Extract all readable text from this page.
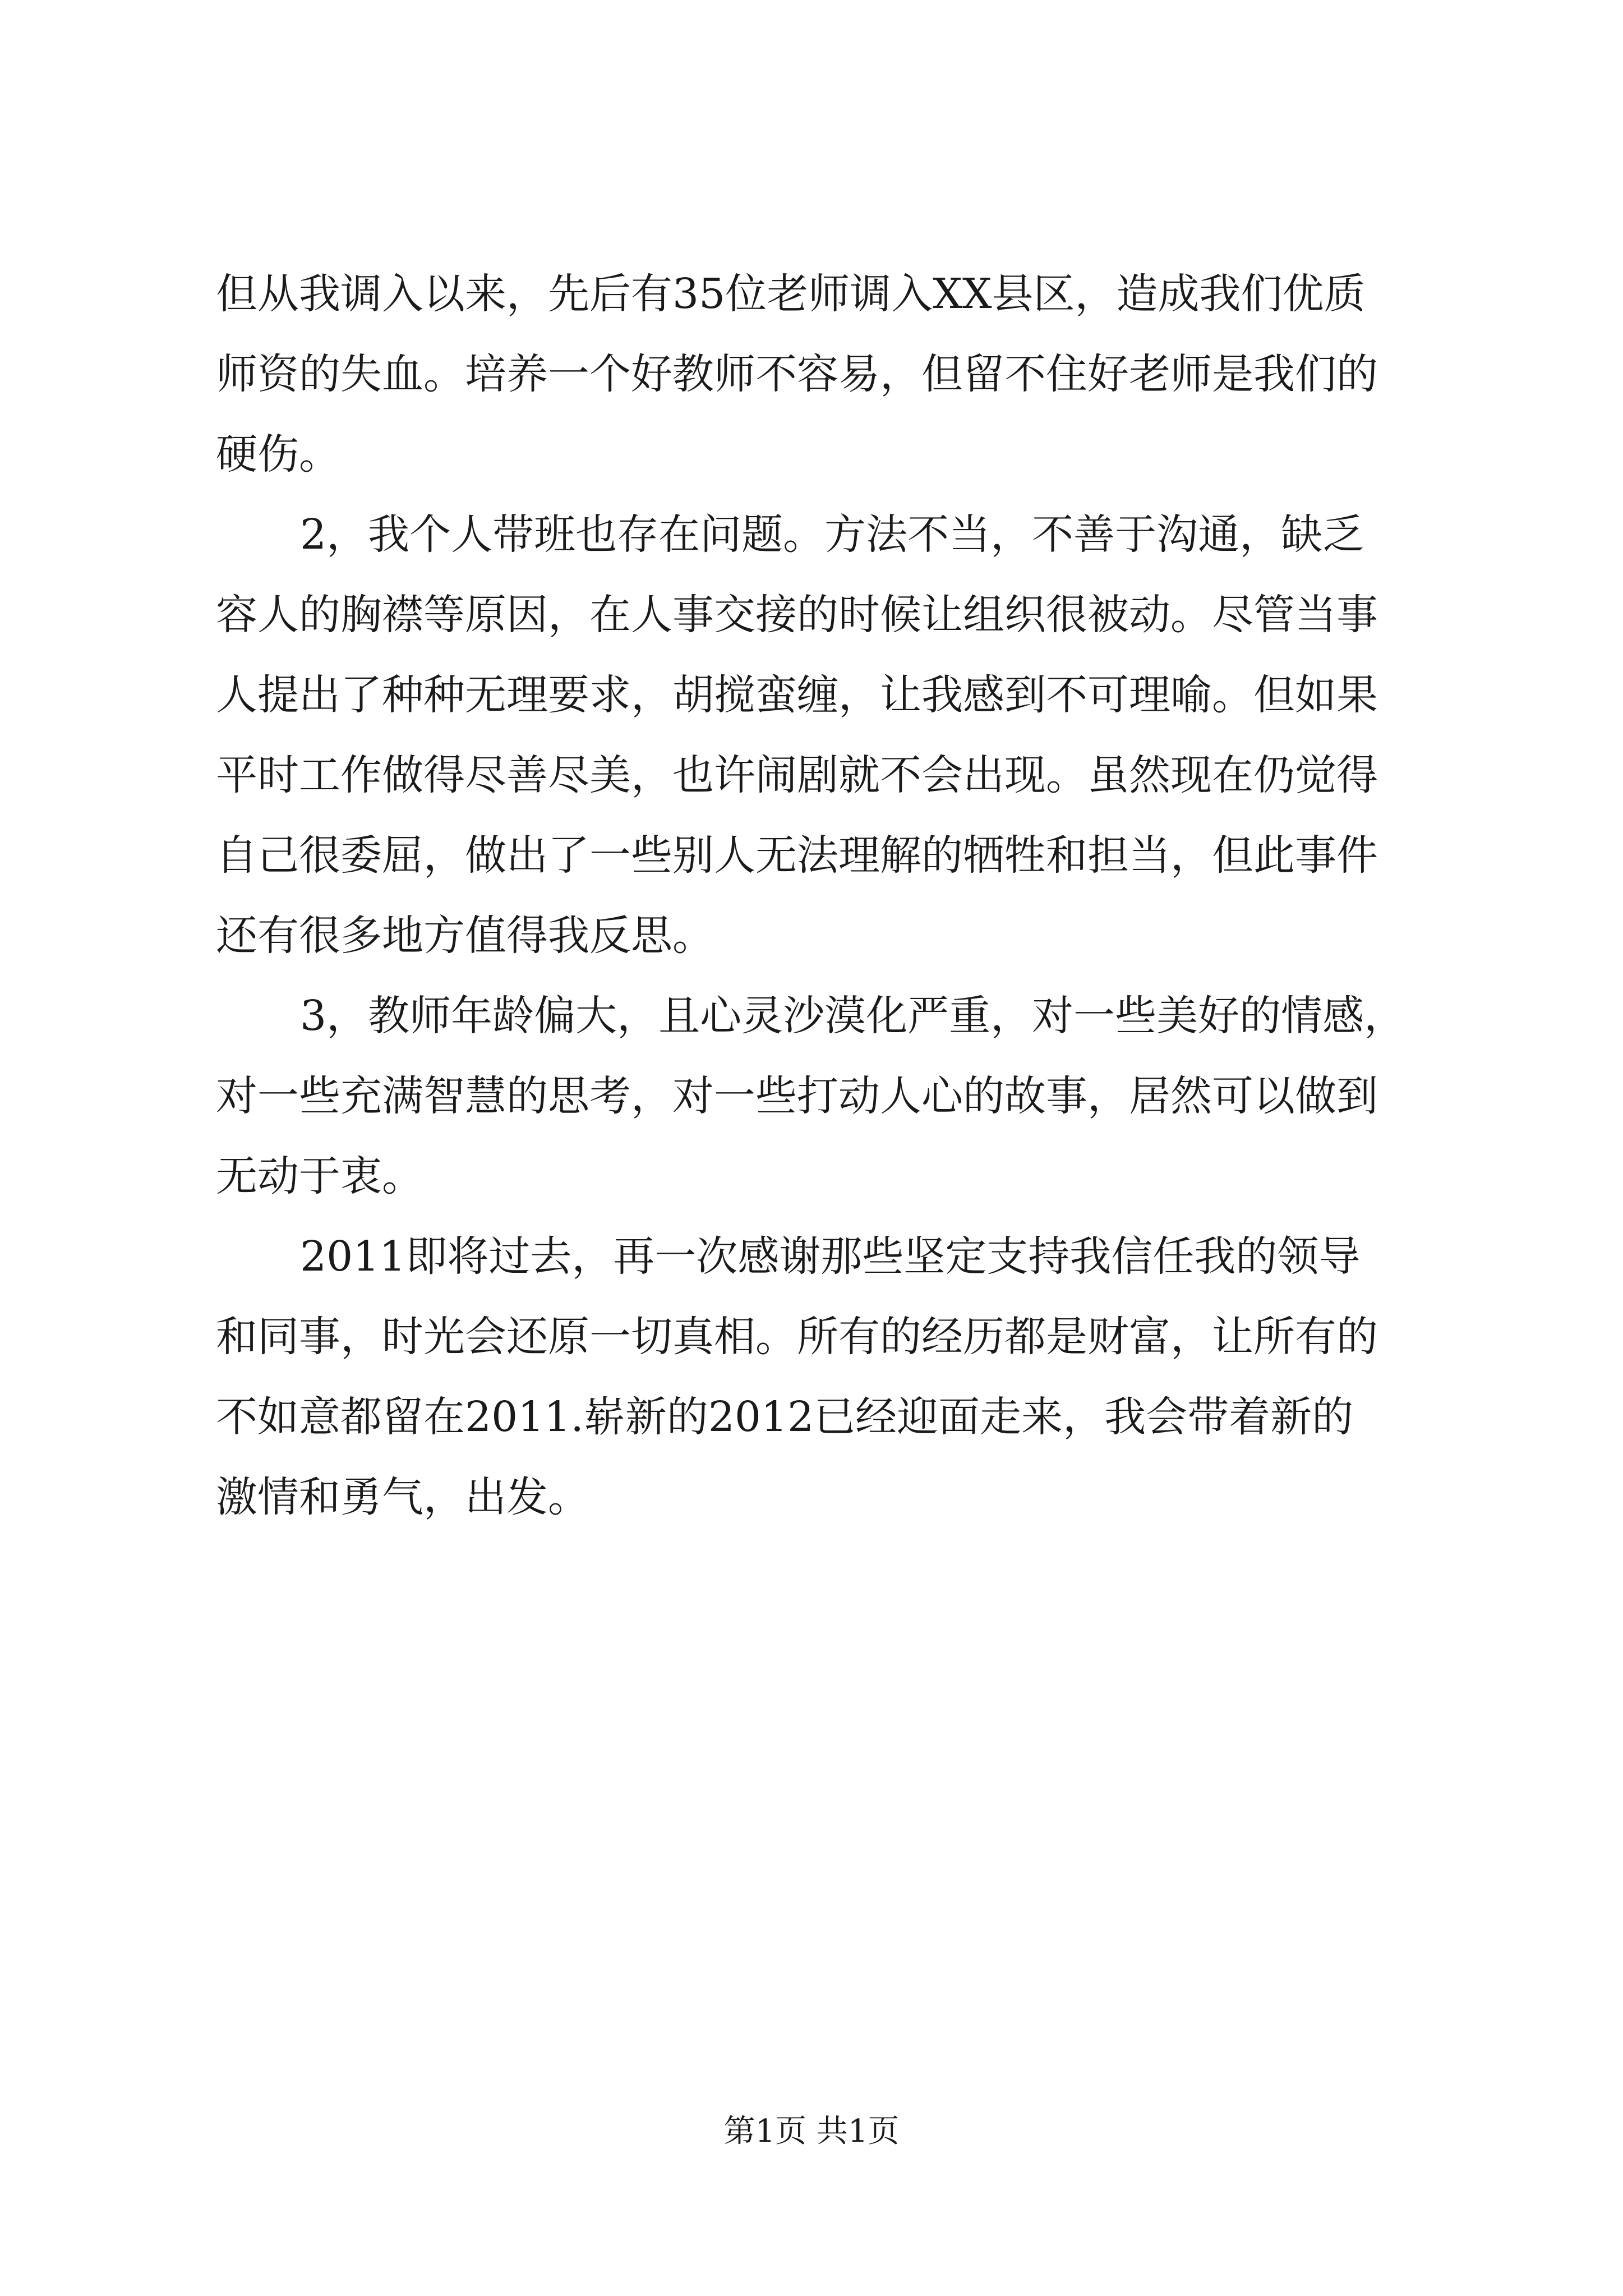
但从我调入以来，先后有35位老师调入XX县区，造成我们优质
师资的失血。培养一个好教师不容易，但留不住好老师是我们的
硬伤。
2，我个人带班也存在问题。方法不当，不善于沟通，缺乏
容人的胸襟等原因，在人事交接的时候让组织很被动。尽管当事
人提出了种种无理要求，胡搅蛮缠，让我感到不可理喻。但如果
平时工作做得尽善尽美，也许闹剧就不会出现。虽然现在仍觉得
自己很委屈，做出了一些别人无法理解的牺牲和担当，但此事件
还有很多地方值得我反思。
3，教师年龄偏大，且心灵沙漠化严重，对一些美好的情感，
对一些充满智慧的思考，对一些打动人心的故事，居然可以做到
无动于衷。
2011即将过去，再一次感谢那些坚定支持我信任我的领导
和同事，时光会还原一切真相。所有的经历都是财富，让所有的
不如意都留在2011.崭新的2012已经迎面走来，我会带着新的
激情和勇气，出发。
第1页 共1页
